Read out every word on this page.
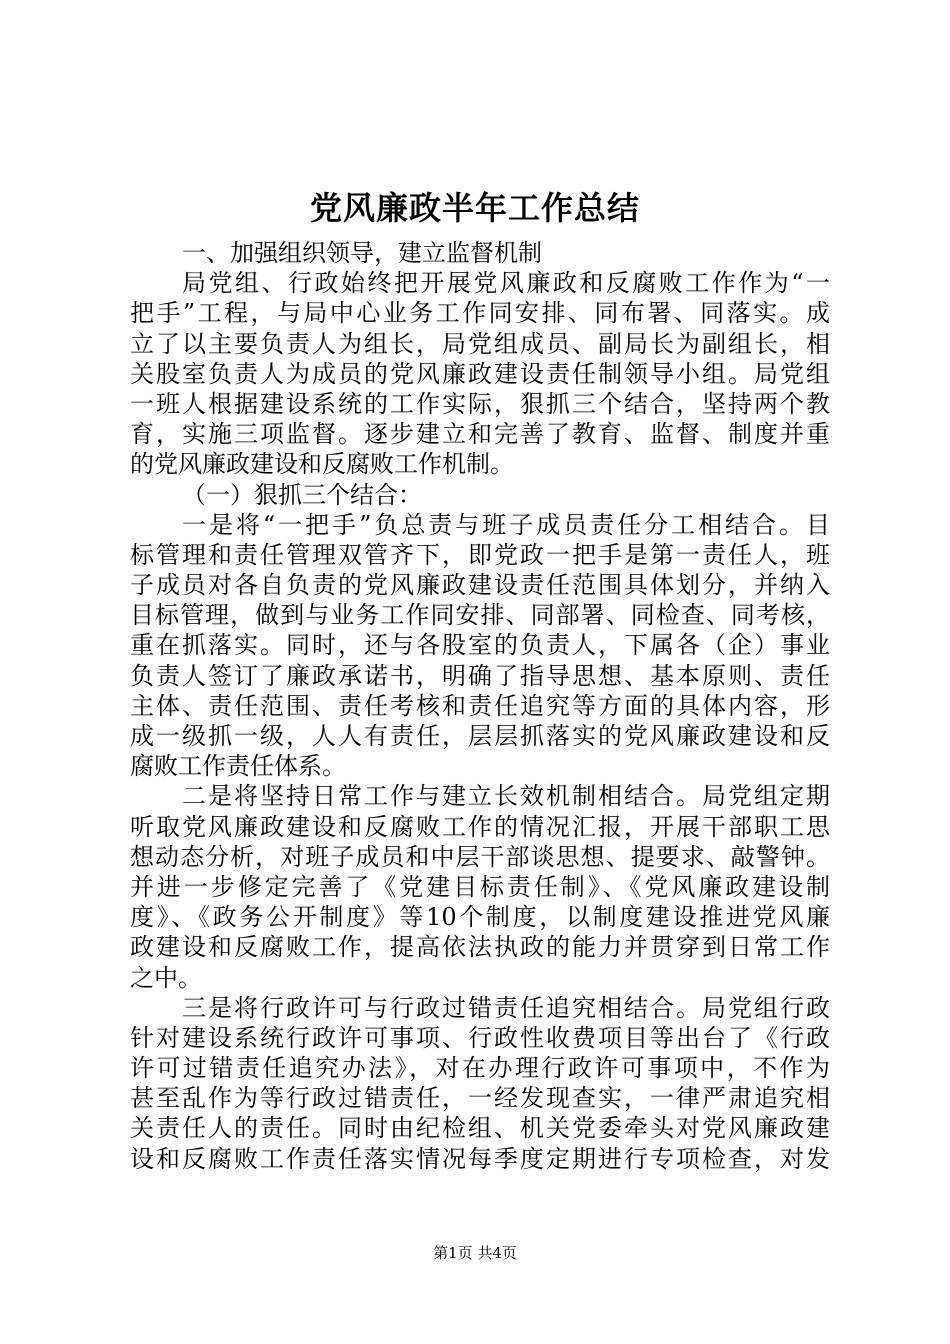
党风廉政半年工作总结
一、加强组织领导，建立监督机制
局党组、行政始终把开展党风廉政和反腐败工作作为“一
把手”工程，与局中心业务工作同安排、同布署、同落实。成
立了以主要负责人为组长，局党组成员、副局长为副组长，相
关股室负责人为成员的党风廉政建设责任制领导小组。局党组
一班人根据建设系统的工作实际，狠抓三个结合，坚持两个教
育，实施三项监督。逐步建立和完善了教育、监督、制度并重
的党风廉政建设和反腐败工作机制。
（一）狠抓三个结合：
一是将“一把手”负总责与班子成员责任分工相结合。目
标管理和责任管理双管齐下，即党政一把手是第一责任人，班
子成员对各自负责的党风廉政建设责任范围具体划分，并纳入
目标管理，做到与业务工作同安排、同部署、同检查、同考核，
重在抓落实。同时，还与各股室的负责人，下属各（企）事业
负责人签订了廉政承诺书，明确了指导思想、基本原则、责任
主体、责任范围、责任考核和责任追究等方面的具体内容，形
成一级抓一级，人人有责任，层层抓落实的党风廉政建设和反
腐败工作责任体系。
二是将坚持日常工作与建立长效机制相结合。局党组定期
听取党风廉政建设和反腐败工作的情况汇报，开展干部职工思
想动态分析，对班子成员和中层干部谈思想、提要求、敲警钟。
并进一步修定完善了《党建目标责任制》、《党风廉政建设制
度》、《政务公开制度》等10个制度，以制度建设推进党风廉
政建设和反腐败工作，提高依法执政的能力并贯穿到日常工作
之中。
三是将行政许可与行政过错责任追究相结合。局党组行政
针对建设系统行政许可事项、行政性收费项目等出台了《行政
许可过错责任追究办法》，对在办理行政许可事项中，不作为
甚至乱作为等行政过错责任，一经发现查实，一律严肃追究相
关责任人的责任。同时由纪检组、机关党委牵头对党风廉政建
设和反腐败工作责任落实情况每季度定期进行专项检查，对发
第1页 共4页
